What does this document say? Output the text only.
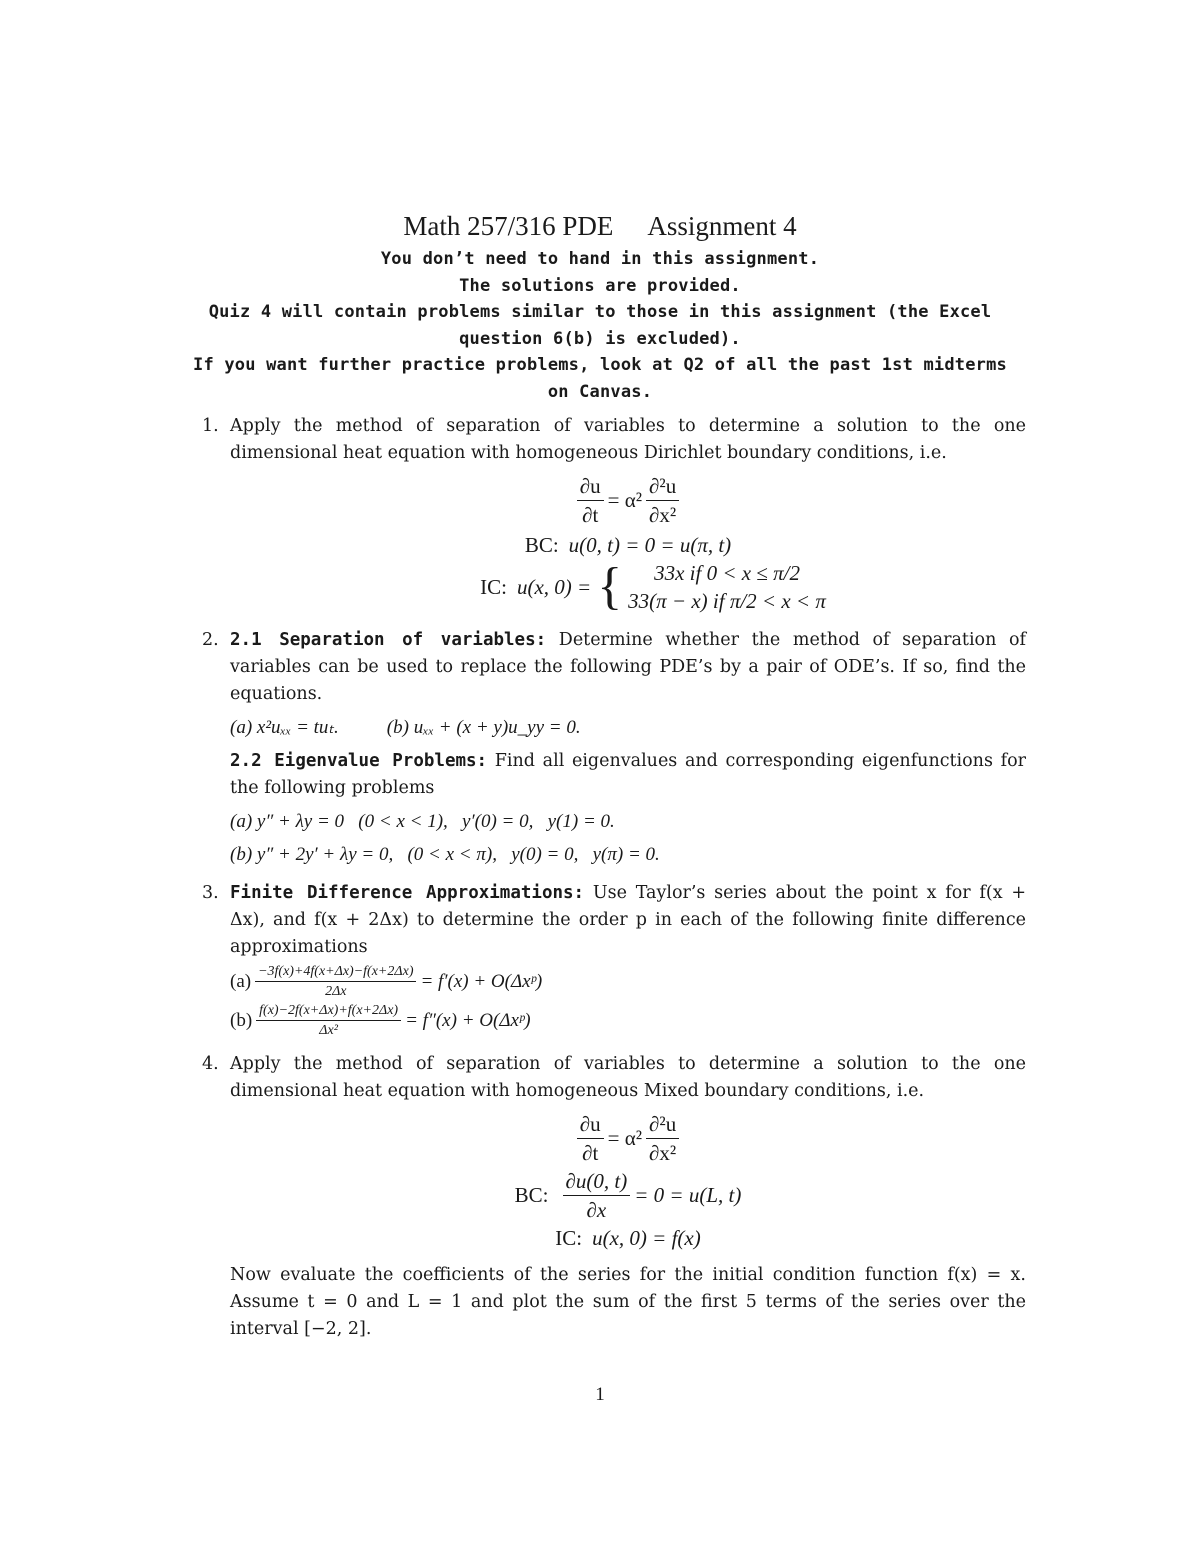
Math 257/316 PDE Assignment 4
You don’t need to hand in this assignment.
The solutions are provided.
Quiz 4 will contain problems similar to those in this assignment (the Excel
question 6(b) is excluded).
If you want further practice problems, look at Q2 of all the past 1st midterms
on Canvas.
1. Apply the method of separation of variables to determine a solution to the one dimensional heat equation with homogeneous Dirichlet boundary conditions, i.e.

$\frac{\partial u}{\partial t} = \alpha^2 \frac{\text{∂²u}}{\text{∂x²}}$
BC: u(0, t) = 0 = u(π, t)
IC: u(x, 0) = { 33x if 0 < x ≤ π/2
33(π − x) if π/2 < x < π
2. 2.1 Separation of variables: Determine whether the method of separation of variables can be used to replace the following PDE’s by a pair of ODE’s. If so, find the equations.

(a) x²uₓₓ = tuₜ.	(b) uₓₓ + (x + y)u_yy = 0.

2.2 Eigenvalue Problems: Find all eigenvalues and corresponding eigenfunctions for the following problems

(a) y″ + λy = 0   (0 < x < 1),   y′(0) = 0,   y(1) = 0.

(b) y″ + 2y′ + λy = 0,   (0 < x < π),   y(0) = 0,   y(π) = 0.

3. Finite Difference Approximations: Use Taylor’s series about the point x for f(x + Δx), and f(x + 2Δx) to determine the order p in each of the following finite difference approximations

$(a) \frac{-3f(x)+4f(x+\Delta x)-f(x+2\Delta x)}{2\Delta x} = f'(x)$ + O(Δxᵖ)
$(b) \frac{f(x)-2f(x+\Delta x)+f(x+2\Delta x)}{\text{Δx²}} = f''(x)$ + O(Δxᵖ)
4. Apply the method of separation of variables to determine a solution to the one dimensional heat equation with homogeneous Mixed boundary conditions, i.e.

$\frac{\partial u}{\partial t} = \alpha^2 \frac{\text{∂²u}}{\text{∂x²}}$
BC: $\frac{\partial u(0, t)}{\partial x} = 0 = u(L$, t)
IC: u(x, 0) = f(x)

Now evaluate the coefficients of the series for the initial condition function f(x) = x. Assume t = 0 and L = 1 and plot the sum of the first 5 terms of the series over the interval [−2, 2].

1
